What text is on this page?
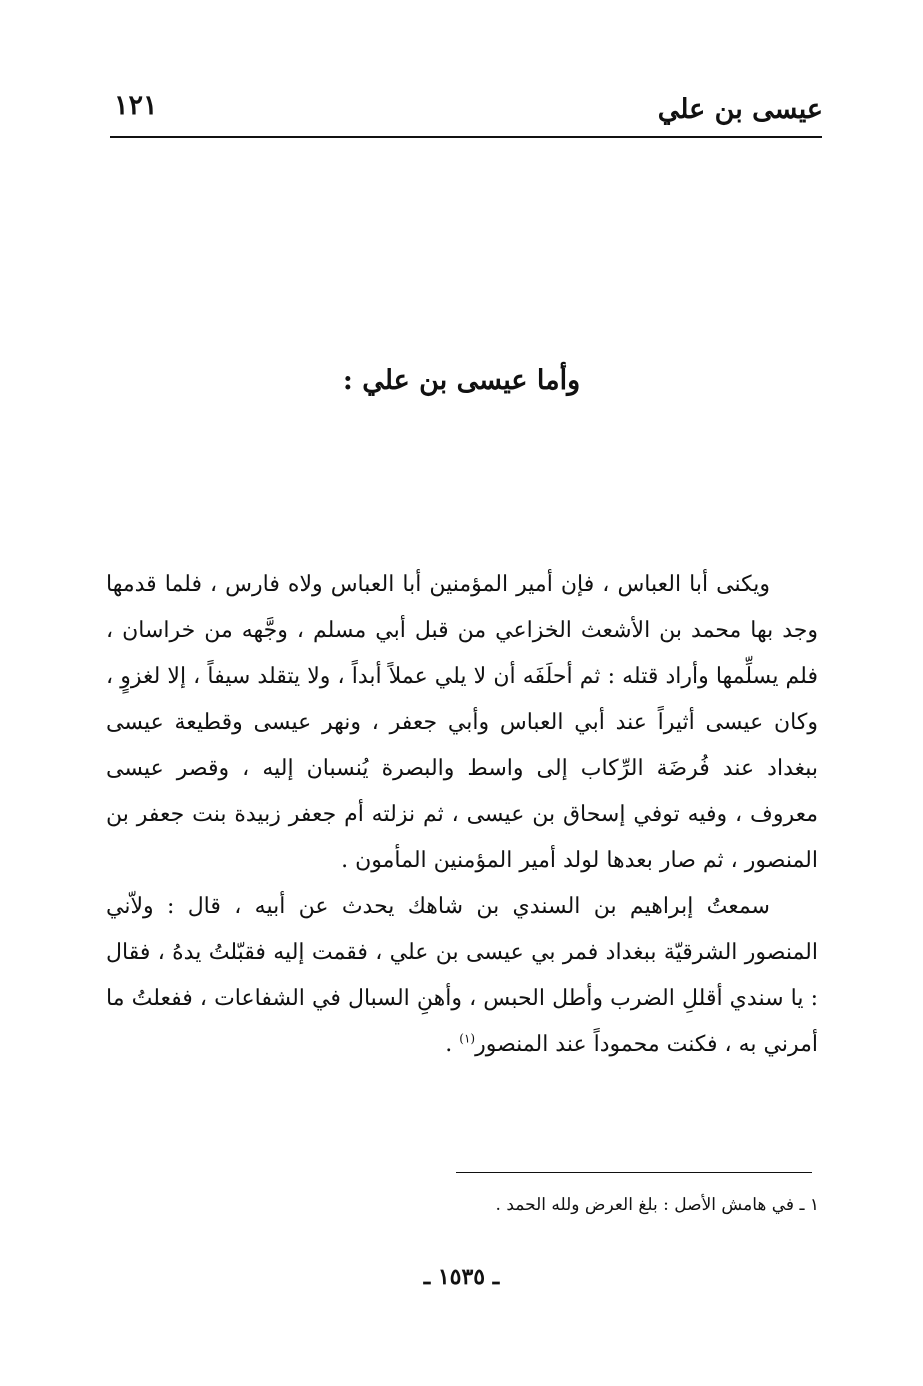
عيسى بن علي
١٢١
وأما عيسى بن علي :

ويكنى أبا العباس ، فإن أمير المؤمنين أبا العباس ولاه فارس ، فلما قدمها وجد بها محمد بن الأشعث الخزاعي من قبل أبي مسلم ، وجَّهه من خراسان ، فلم يسلِّمها وأراد قتله : ثم أحلَفَه أن لا يلي عملاً أبداً ، ولا يتقلد سيفاً ، إلا لغزوٍ ، وكان عيسى أثيراً عند أبي العباس وأبي جعفر ، ونهر عيسى وقطيعة عيسى ببغداد عند فُرضَة الرِّكاب إلى واسط والبصرة يُنسبان إليه ، وقصر عيسى معروف ، وفيه توفي إسحاق بن عيسى ، ثم نزلته أم جعفر زبيدة بنت جعفر بن المنصور ، ثم صار بعدها لولد أمير المؤمنين المأمون .

سمعتُ إبراهيم بن السندي بن شاهك يحدث عن أبيه ، قال : ولاّني المنصور الشرقيّة ببغداد فمر بي عيسى بن علي ، فقمت إليه فقبّلتُ يدهُ ، فقال : يا سندي أقللِ الضرب وأطل الحبس ، وأهنِ السبال في الشفاعات ، ففعلتُ ما أمرني به ، فكنت محموداً عند المنصور$^{(١)}$ .

١ ـ في هامش الأصل : بلغ العرض ولله الحمد .
ـ ١٥٣٥ ـ
